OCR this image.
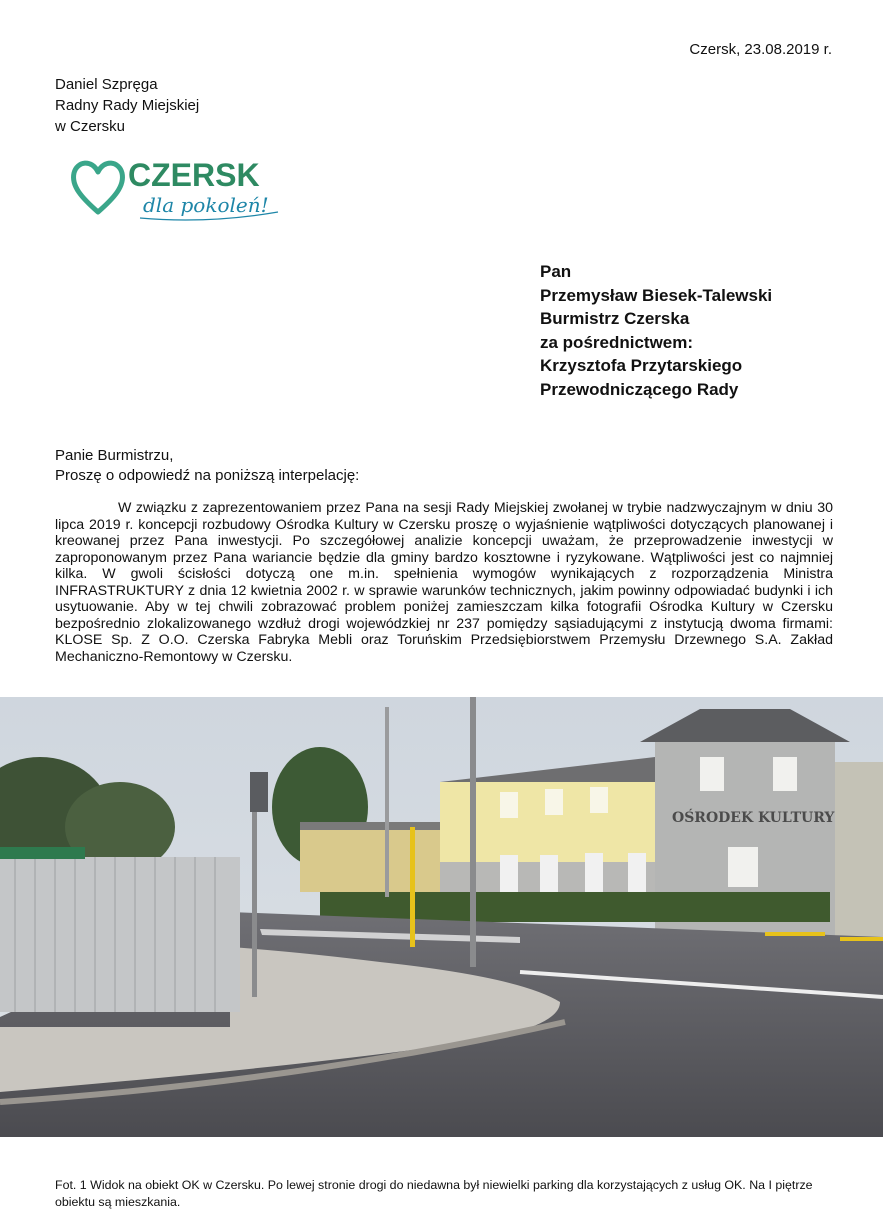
Czersk, 23.08.2019 r.
Daniel Szpręga
Radny Rady Miejskiej
w Czersku
CZERSK
dla pokoleń!
Pan
Przemysław Biesek-Talewski
Burmistrz Czerska
za pośrednictwem:
Krzysztofa Przytarskiego
Przewodniczącego Rady
Panie Burmistrzu,
Proszę o odpowiedź na poniższą interpelację:

W związku z zaprezentowaniem przez Pana na sesji Rady Miejskiej zwołanej w trybie nadzwyczajnym w dniu 30 lipca 2019 r. koncepcji rozbudowy Ośrodka Kultury w Czersku proszę o wyjaśnienie wątpliwości dotyczących planowanej i kreowanej przez Pana inwestycji. Po szczegółowej analizie koncepcji uważam, że przeprowadzenie inwestycji w zaproponowanym przez Pana wariancie będzie dla gminy bardzo kosztowne i ryzykowane. Wątpliwości jest co najmniej kilka. W gwoli ścisłości dotyczą one m.in. spełnienia wymogów wynikających z rozporządzenia Ministra INFRASTRUKTURY z dnia 12 kwietnia 2002 r. w sprawie warunków technicznych, jakim powinny odpowiadać budynki i ich usytuowanie. Aby w tej chwili zobrazować problem poniżej zamieszczam kilka fotografii Ośrodka Kultury w Czersku bezpośrednio zlokalizowanego wzdłuż drogi wojewódzkiej nr 237 pomiędzy sąsiadującymi z instytucją dwoma firmami: KLOSE Sp. Z O.O. Czerska Fabryka Mebli oraz Toruńskim Przedsiębiorstwem Przemysłu Drzewnego S.A. Zakład Mechaniczno-Remontowy w Czersku.

OŚRODEK KULTURY
Fot. 1 Widok na obiekt OK w Czersku. Po lewej stronie drogi do niedawna był niewielki parking dla korzystających z usług OK. Na I piętrze obiektu są mieszkania.
